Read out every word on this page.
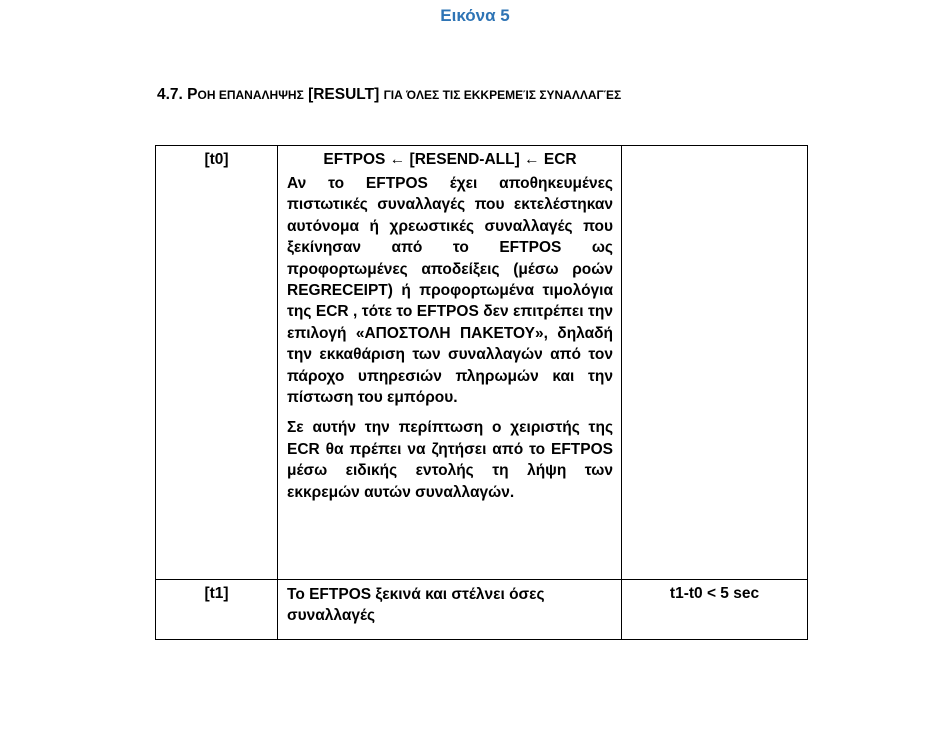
Εικόνα 5
4.7. ΡΟΗ ΕΠΑΝΑΛΗΨΗΣ [RESULT] ΓΙΑ ΌΛΕΣ ΤΙΣ ΕΚΚΡΕΜΕΊΣ ΣΥΝΑΛΛΑΓΈΣ
[t0]	EFTPOS ← [RESEND-ALL] ← ECR

Αν το EFTPOS έχει αποθηκευμένες πιστωτικές συναλλαγές που εκτελέστηκαν αυτόνομα ή χρεωστικές συναλλαγές που ξεκίνησαν από το EFTPOS ως προφορτωμένες αποδείξεις (μέσω ροών REGRECEIPT) ή προφορτωμένα τιμολόγια της ECR , τότε το EFTPOS δεν επιτρέπει την επιλογή «ΑΠΟΣΤΟΛΗ ΠΑΚΕΤΟΥ», δηλαδή την εκκαθάριση των συναλλαγών από τον πάροχο υπηρεσιών πληρωμών και την πίστωση του εμπόρου.

Σε αυτήν την περίπτωση ο χειριστής της ECR θα πρέπει να ζητήσει από το EFTPOS μέσω ειδικής εντολής τη λήψη των εκκρεμών αυτών συναλλαγών.	

[t1]	Το EFTPOS ξεκινά και στέλνει όσες συναλλαγές	t1-t0 < 5 sec
